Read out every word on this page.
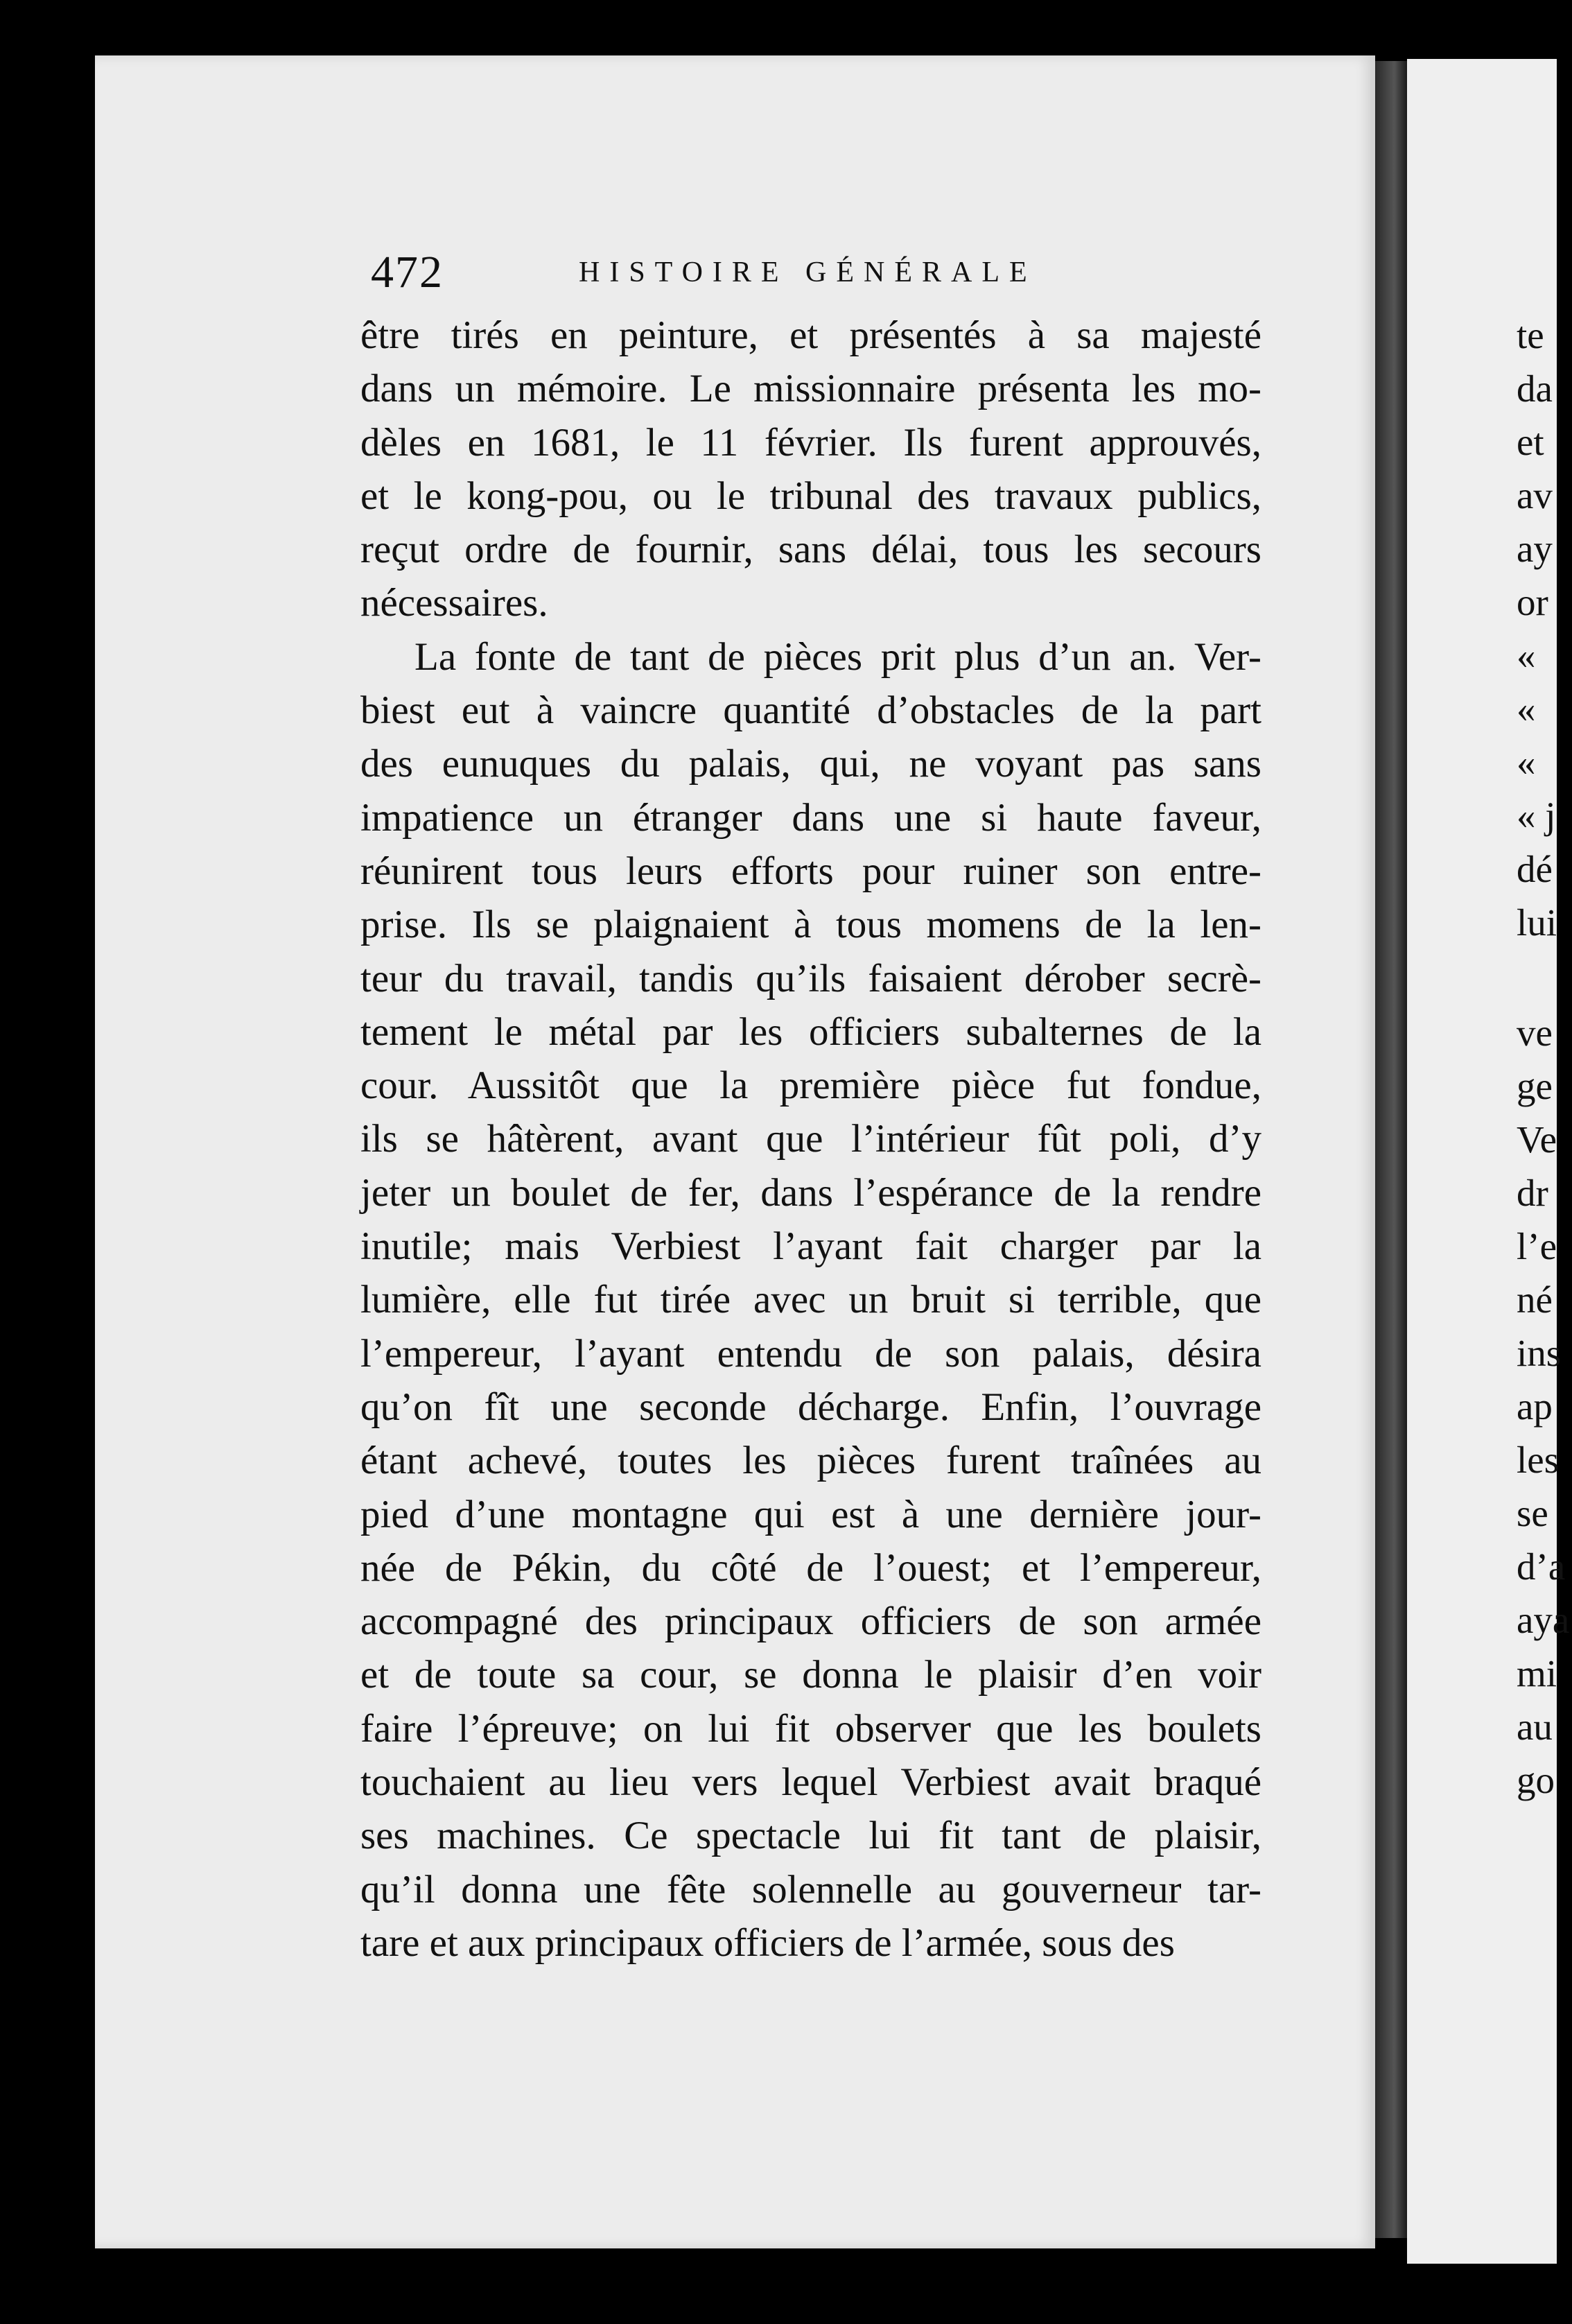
472	HISTOIRE GÉNÉRALE
être tirés en peinture, et présentés à sa majesté
dans un mémoire. Le missionnaire présenta les mo-
dèles en 1681, le 11 février. Ils furent approuvés,
et le kong-pou, ou le tribunal des travaux publics,
reçut ordre de fournir, sans délai, tous les secours
nécessaires.
La fonte de tant de pièces prit plus d’un an. Ver-
biest eut à vaincre quantité d’obstacles de la part
des eunuques du palais, qui, ne voyant pas sans
impatience un étranger dans une si haute faveur,
réunirent tous leurs efforts pour ruiner son entre-
prise. Ils se plaignaient à tous momens de la len-
teur du travail, tandis qu’ils faisaient dérober secrè-
tement le métal par les officiers subalternes de la
cour. Aussitôt que la première pièce fut fondue,
ils se hâtèrent, avant que l’intérieur fût poli, d’y
jeter un boulet de fer, dans l’espérance de la rendre
inutile; mais Verbiest l’ayant fait charger par la
lumière, elle fut tirée avec un bruit si terrible, que
l’empereur, l’ayant entendu de son palais, désira
qu’on fît une seconde décharge. Enfin, l’ouvrage
étant achevé, toutes les pièces furent traînées au
pied d’une montagne qui est à une dernière jour-
née de Pékin, du côté de l’ouest; et l’empereur,
accompagné des principaux officiers de son armée
et de toute sa cour, se donna le plaisir d’en voir
faire l’épreuve; on lui fit observer que les boulets
touchaient au lieu vers lequel Verbiest avait braqué
ses machines. Ce spectacle lui fit tant de plaisir,
qu’il donna une fête solennelle au gouverneur tar-
tare et aux principaux officiers de l’armée, sous des
te
da
et
av
ay
or
«
«
«
« j
dé
lui
ve
ge
Ve
dr
l’e
né
ins
ap
les
se
d’a
aya
mi
au
go
